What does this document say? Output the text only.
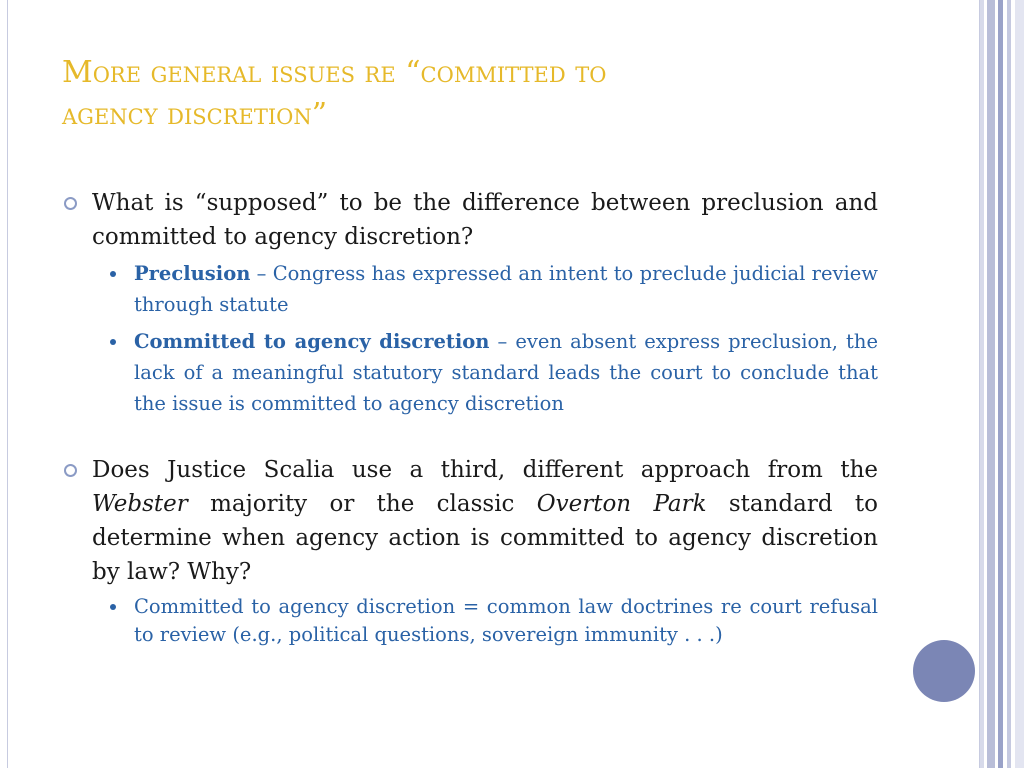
More general issues re “committed to
agency discretion”
What is “supposed” to be the difference between preclusion and committed to agency discretion?
Preclusion – Congress has expressed an intent to preclude judicial review through statute
Committed to agency discretion – even absent express preclusion, the lack of a meaningful statutory standard leads the court to conclude that the issue is committed to agency discretion
Does Justice Scalia use a third, different approach from the Webster majority or the classic Overton Park standard to determine when agency action is committed to agency discretion by law? Why?
Committed to agency discretion = common law doctrines re court refusal to review (e.g., political questions, sovereign immunity . . .)
